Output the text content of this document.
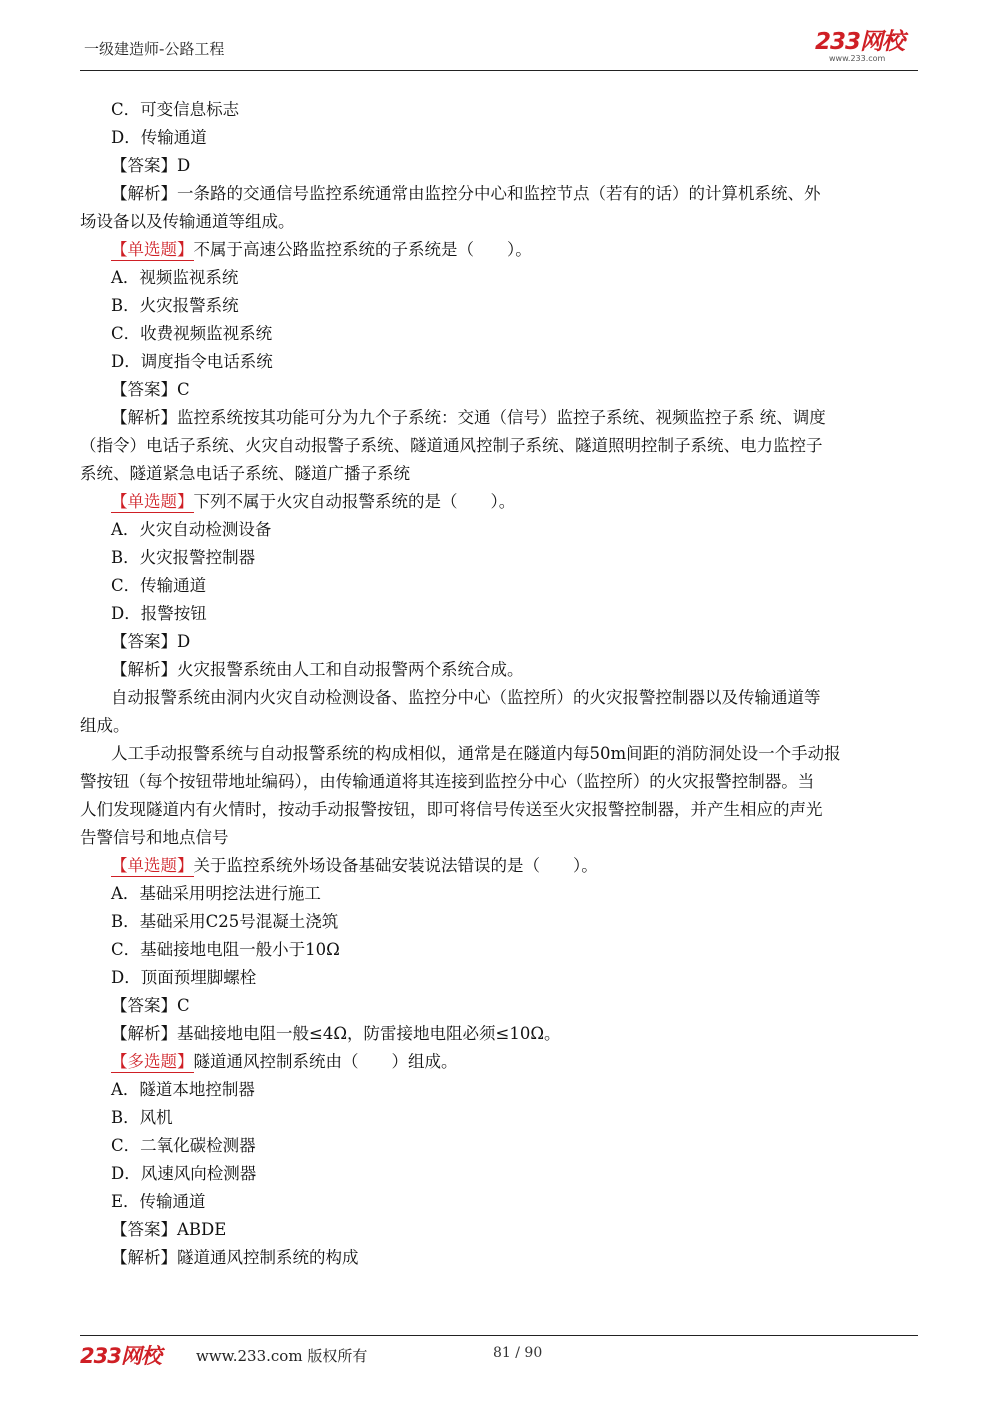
一级建造师-公路工程	233网校
www.233.com
C．可变信息标志
D．传输通道
【答案】D
【解析】一条路的交通信号监控系统通常由监控分中心和监控节点（若有的话）的计算机系统、外
场设备以及传输通道等组成。
【单选题】不属于高速公路监控系统的子系统是（　　）。
A．视频监视系统
B．火灾报警系统
C．收费视频监视系统
D．调度指令电话系统
【答案】C
【解析】监控系统按其功能可分为九个子系统：交通（信号）监控子系统、视频监控子系 统、调度
（指令）电话子系统、火灾自动报警子系统、隧道通风控制子系统、隧道照明控制子系统、电力监控子
系统、隧道紧急电话子系统、隧道广播子系统
【单选题】下列不属于火灾自动报警系统的是（　　）。
A．火灾自动检测设备
B．火灾报警控制器
C．传输通道
D．报警按钮
【答案】D
【解析】火灾报警系统由人工和自动报警两个系统合成。
自动报警系统由洞内火灾自动检测设备、监控分中心（监控所）的火灾报警控制器以及传输通道等
组成。
人工手动报警系统与自动报警系统的构成相似，通常是在隧道内每50m间距的消防洞处设一个手动报
警按钮（每个按钮带地址编码），由传输通道将其连接到监控分中心（监控所）的火灾报警控制器。当
人们发现隧道内有火情时，按动手动报警按钮，即可将信号传送至火灾报警控制器，并产生相应的声光
告警信号和地点信号
【单选题】关于监控系统外场设备基础安装说法错误的是（　　）。
A．基础采用明挖法进行施工
B．基础采用C25号混凝土浇筑
C．基础接地电阻一般小于10Ω
D．顶面预埋脚螺栓
【答案】C
【解析】基础接地电阻一般≤4Ω，防雷接地电阻必须≤10Ω。
【多选题】隧道通风控制系统由（　　）组成。
A．隧道本地控制器
B．风机
C．二氧化碳检测器
D．风速风向检测器
E．传输通道
【答案】ABDE
【解析】隧道通风控制系统的构成
233网校 www.233.com 版权所有	81 / 90
